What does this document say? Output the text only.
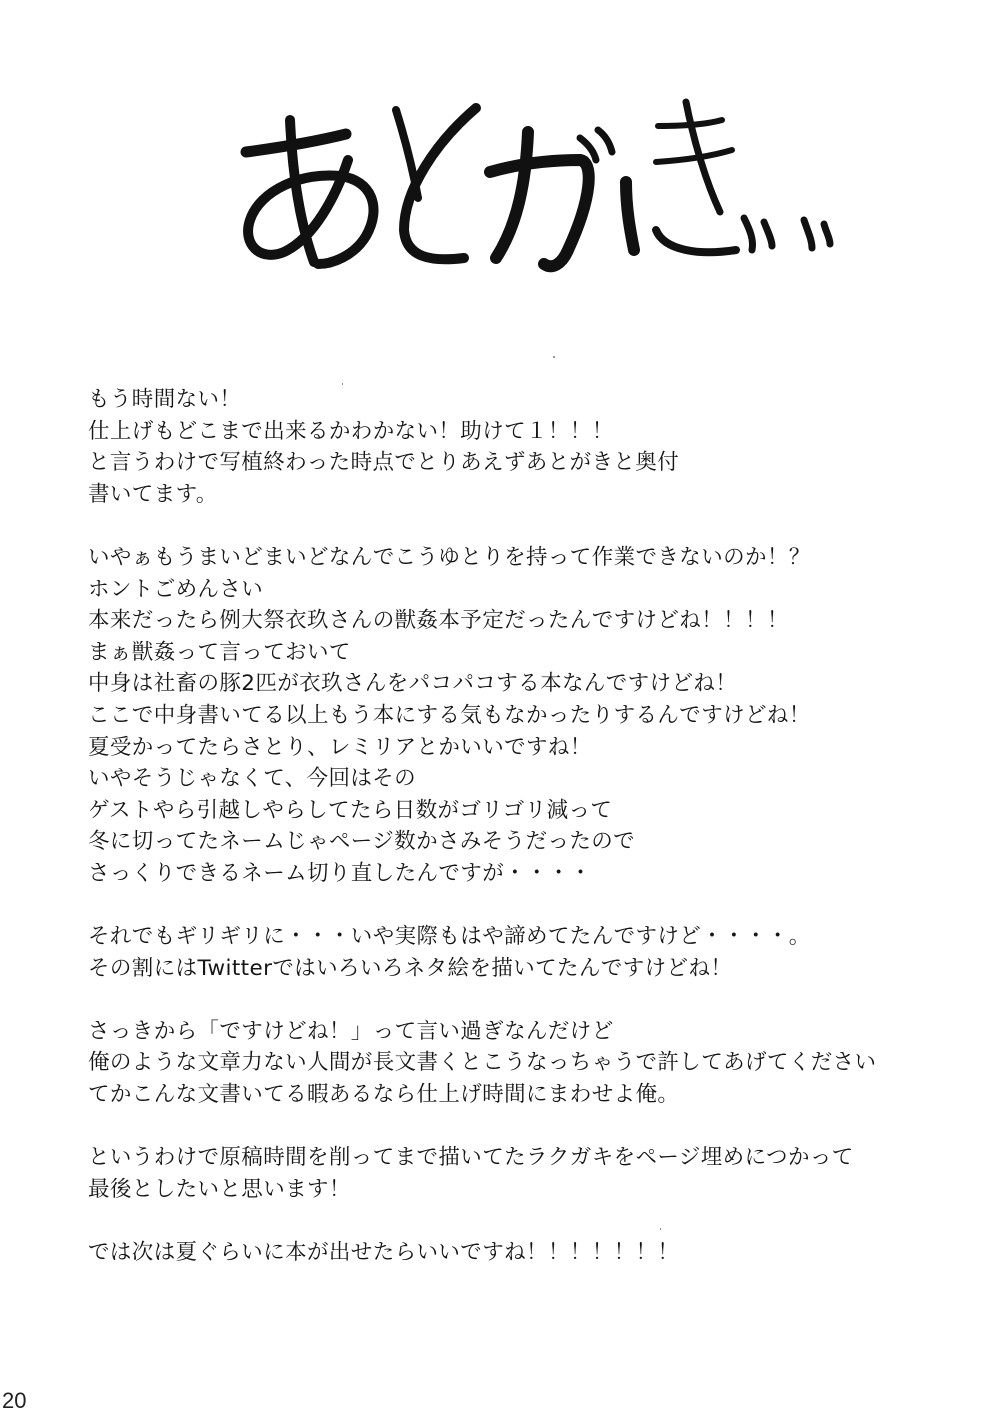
もう時間ない！
仕上げもどこまで出来るかわかない！助けて１！！！
と言うわけで写植終わった時点でとりあえずあとがきと奥付
書いてます。
いやぁもうまいどまいどなんでこうゆとりを持って作業できないのか！？
ホントごめんさい
本来だったら例大祭衣玖さんの獣姦本予定だったんですけどね！！！！
まぁ獣姦って言っておいて
中身は社畜の豚2匹が衣玖さんをパコパコする本なんですけどね！
ここで中身書いてる以上もう本にする気もなかったりするんですけどね！
夏受かってたらさとり、レミリアとかいいですね！
いやそうじゃなくて、今回はその
ゲストやら引越しやらしてたら日数がゴリゴリ減って
冬に切ってたネームじゃページ数かさみそうだったので
さっくりできるネーム切り直したんですが・・・・
それでもギリギリに・・・いや実際もはや諦めてたんですけど・・・・。
その割にはTwitterではいろいろネタ絵を描いてたんですけどね！
さっきから「ですけどね！」って言い過ぎなんだけど
俺のような文章力ない人間が長文書くとこうなっちゃうで許してあげてください
てかこんな文書いてる暇あるなら仕上げ時間にまわせよ俺。
というわけで原稿時間を削ってまで描いてたラクガキをページ埋めにつかって
最後としたいと思います！
では次は夏ぐらいに本が出せたらいいですね！！！！！！！
20
